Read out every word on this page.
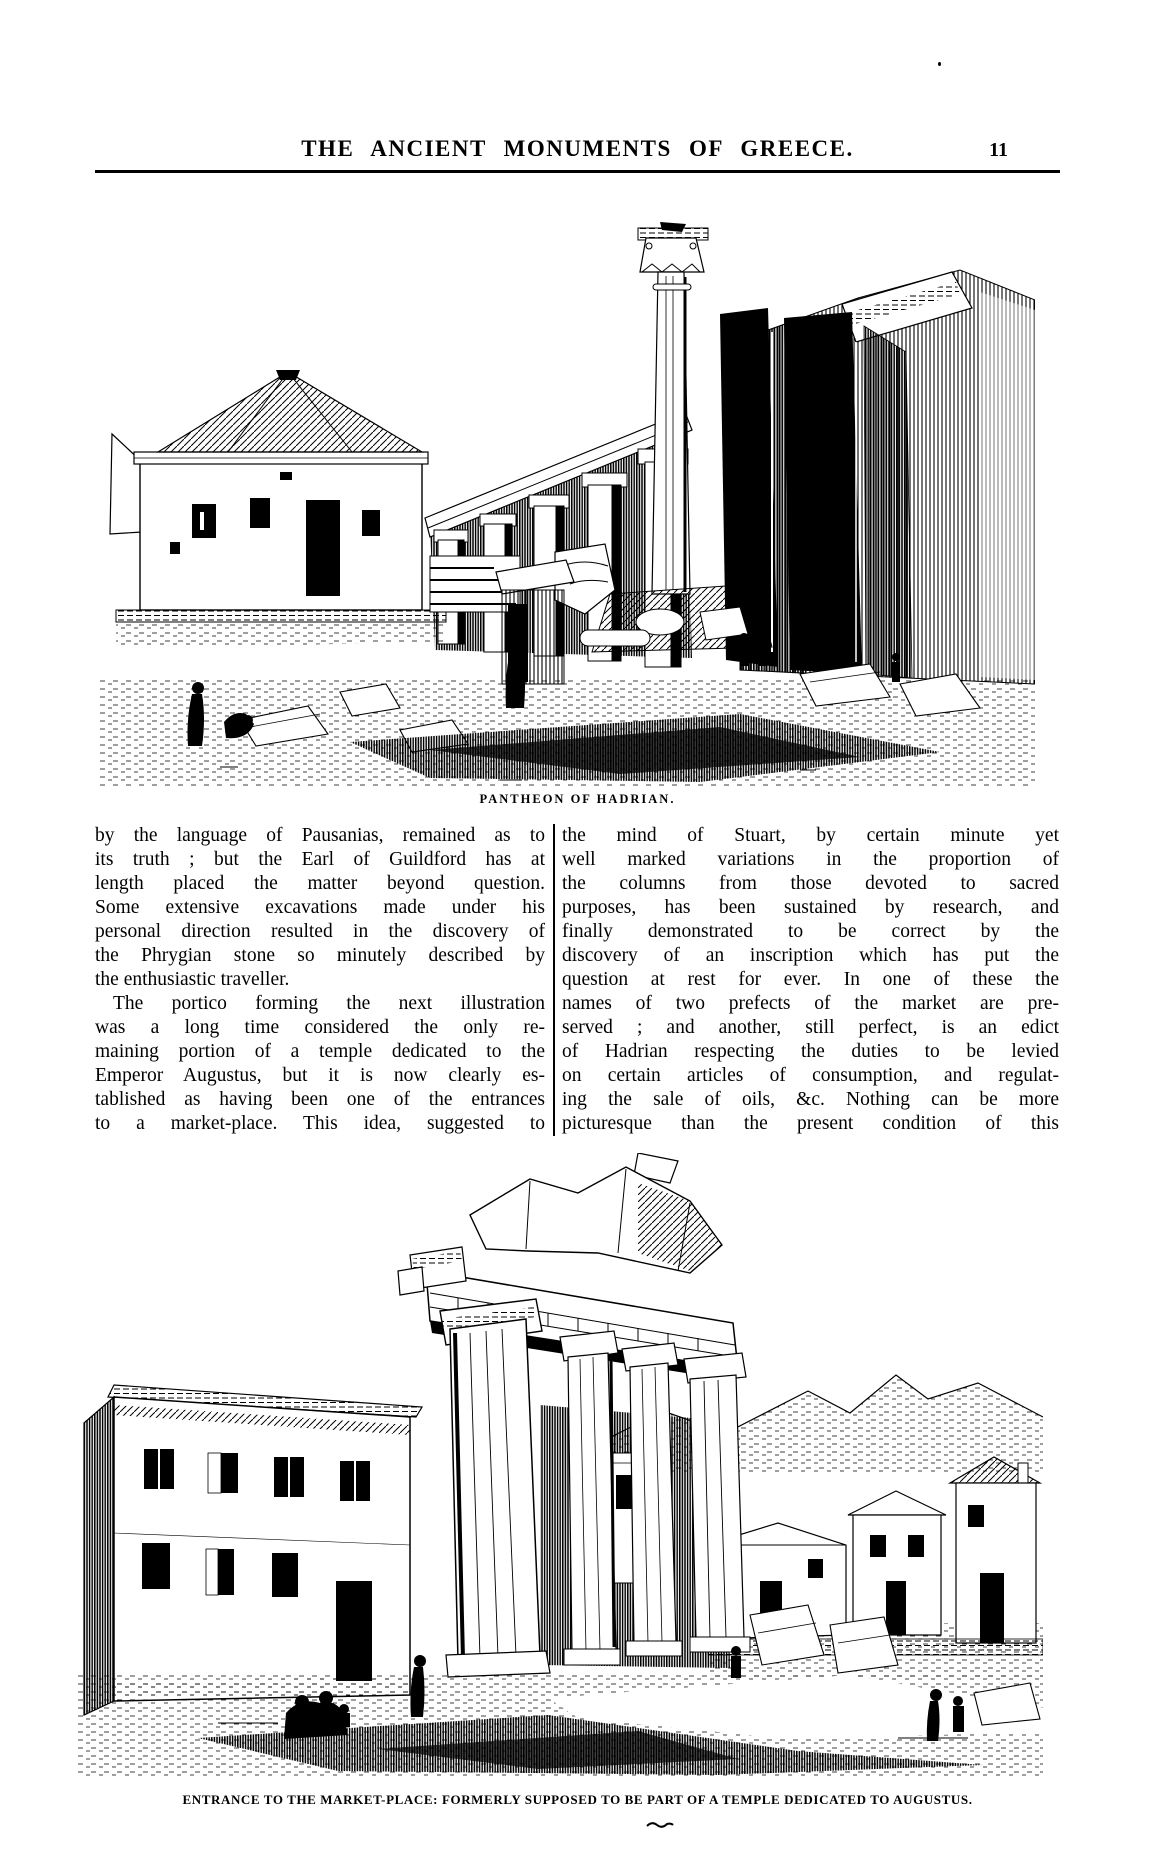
THE ANCIENT MONUMENTS OF GREECE.	11
PANTHEON OF HADRIAN.
by the language of Pausanias, remained as to
its truth ; but the Earl of Guildford has at
length placed the matter beyond question.
Some extensive excavations made under his
personal direction resulted in the discovery of
the Phrygian stone so minutely described by
the enthusiastic traveller.
The portico forming the next illustration
was a long time considered the only re-
maining portion of a temple dedicated to the
Emperor Augustus, but it is now clearly es-
tablished as having been one of the entrances
to a market-place. This idea, suggested to
the mind of Stuart, by certain minute yet
well marked variations in the proportion of
the columns from those devoted to sacred
purposes, has been sustained by research, and
finally demonstrated to be correct by the
discovery of an inscription which has put the
question at rest for ever. In one of these the
names of two prefects of the market are pre-
served ; and another, still perfect, is an edict
of Hadrian respecting the duties to be levied
on certain articles of consumption, and regulat-
ing the sale of oils, &c. Nothing can be more
picturesque than the present condition of this
ENTRANCE TO THE MARKET-PLACE: FORMERLY SUPPOSED TO BE PART OF A TEMPLE DEDICATED TO AUGUSTUS.
